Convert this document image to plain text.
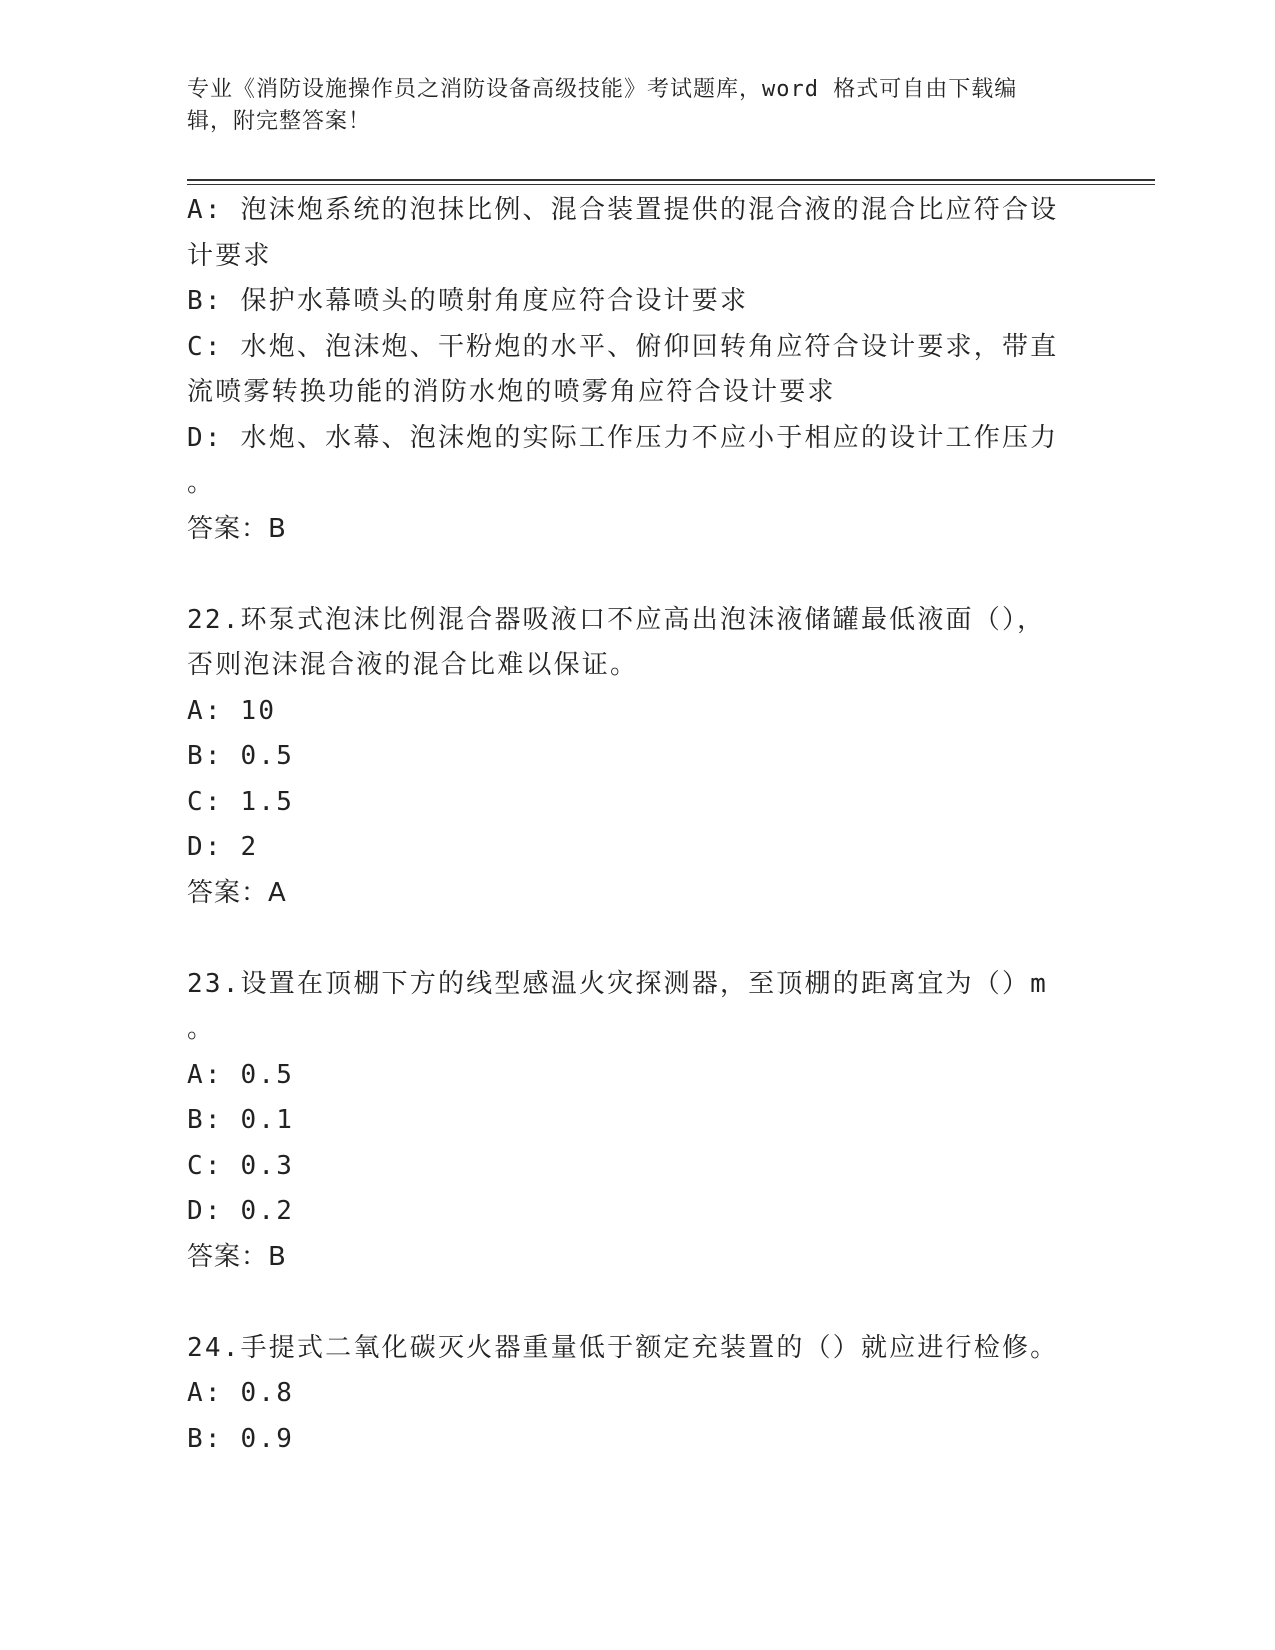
专业《消防设施操作员之消防设备高级技能》考试题库，word 格式可自由下载编
辑，附完整答案！
A: 泡沫炮系统的泡抹比例、混合装置提供的混合液的混合比应符合设
计要求
B: 保护水幕喷头的喷射角度应符合设计要求
C: 水炮、泡沫炮、干粉炮的水平、俯仰回转角应符合设计要求，带直
流喷雾转换功能的消防水炮的喷雾角应符合设计要求
D: 水炮、水幕、泡沫炮的实际工作压力不应小于相应的设计工作压力
。
答案：B
22.环泵式泡沫比例混合器吸液口不应高出泡沫液储罐最低液面（），
否则泡沫混合液的混合比难以保证。
A: 10
B: 0.5
C: 1.5
D: 2
答案：A
23.设置在顶棚下方的线型感温火灾探测器，至顶棚的距离宜为（）m
。
A: 0.5
B: 0.1
C: 0.3
D: 0.2
答案：B
24.手提式二氧化碳灭火器重量低于额定充装置的（）就应进行检修。
A: 0.8
B: 0.9
